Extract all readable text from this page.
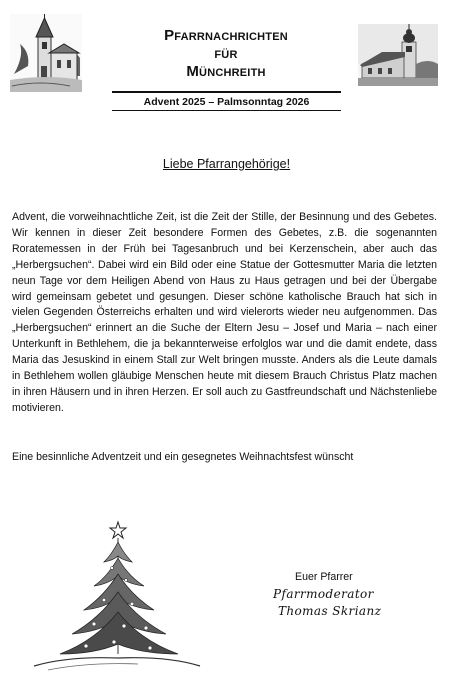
Pfarrnachrichten
für
Münchreith
Advent 2025 – Palmsonntag 2026
Liebe Pfarrangehörige!
Advent, die vorweihnachtliche Zeit, ist die Zeit der Stille, der Besinnung und des Gebetes. Wir kennen in dieser Zeit besondere Formen des Gebetes, z.B. die sogenannten Roratemessen in der Früh bei Tagesanbruch und bei Kerzenschein, aber auch das „Herbergsuchen“. Dabei wird ein Bild oder eine Statue der Gottesmutter Maria die letzten neun Tage vor dem Heiligen Abend von Haus zu Haus getragen und bei der Übergabe wird gemeinsam gebetet und gesungen. Dieser schöne katholische Brauch hat sich in vielen Gegenden Österreichs erhalten und wird vielerorts wieder neu aufgenommen. Das „Herbergsuchen“ erinnert an die Suche der Eltern Jesu – Josef und Maria – nach einer Unterkunft in Bethlehem, die ja bekannterweise erfolglos war und die damit endete, dass Maria das Jesuskind in einem Stall zur Welt bringen musste. Anders als die Leute damals in Bethlehem wollen gläubige Menschen heute mit diesem Brauch Christus Platz machen in ihren Häusern und in ihren Herzen. Er soll auch zu Gastfreundschaft und Nächstenliebe motivieren.
Eine besinnliche Adventzeit und ein gesegnetes Weihnachtsfest wünscht
Euer Pfarrer
Pfarrmoderator
Thomas Skrianz
